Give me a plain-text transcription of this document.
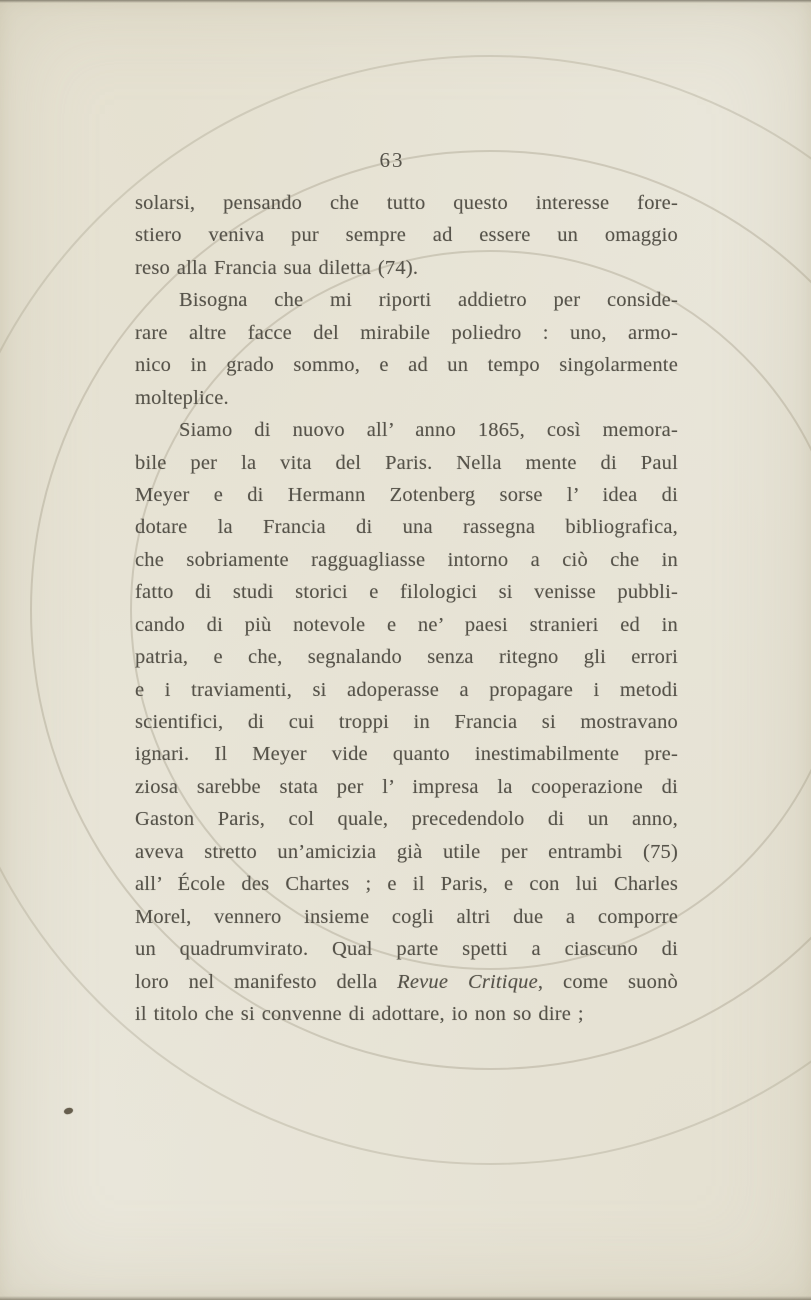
63
solarsi, pensando che tutto questo interesse fore-
stiero veniva pur sempre ad essere un omaggio
reso alla Francia sua diletta (74).
Bisogna che mi riporti addietro per conside-
rare altre facce del mirabile poliedro : uno, armo-
nico in grado sommo, e ad un tempo singolarmente
molteplice.
Siamo di nuovo all’ anno 1865, così memora-
bile per la vita del Paris. Nella mente di Paul
Meyer e di Hermann Zotenberg sorse l’ idea di
dotare la Francia di una rassegna bibliografica,
che sobriamente ragguagliasse intorno a ciò che in
fatto di studi storici e filologici si venisse pubbli-
cando di più notevole e ne’ paesi stranieri ed in
patria, e che, segnalando senza ritegno gli errori
e i traviamenti, si adoperasse a propagare i metodi
scientifici, di cui troppi in Francia si mostravano
ignari. Il Meyer vide quanto inestimabilmente pre-
ziosa sarebbe stata per l’ impresa la cooperazione di
Gaston Paris, col quale, precedendolo di un anno,
aveva stretto un’amicizia già utile per entrambi (75)
all’ École des Chartes ; e il Paris, e con lui Charles
Morel, vennero insieme cogli altri due a comporre
un quadrumvirato. Qual parte spetti a ciascuno di
loro nel manifesto della Revue Critique, come suonò
il titolo che si convenne di adottare, io non so dire ;
